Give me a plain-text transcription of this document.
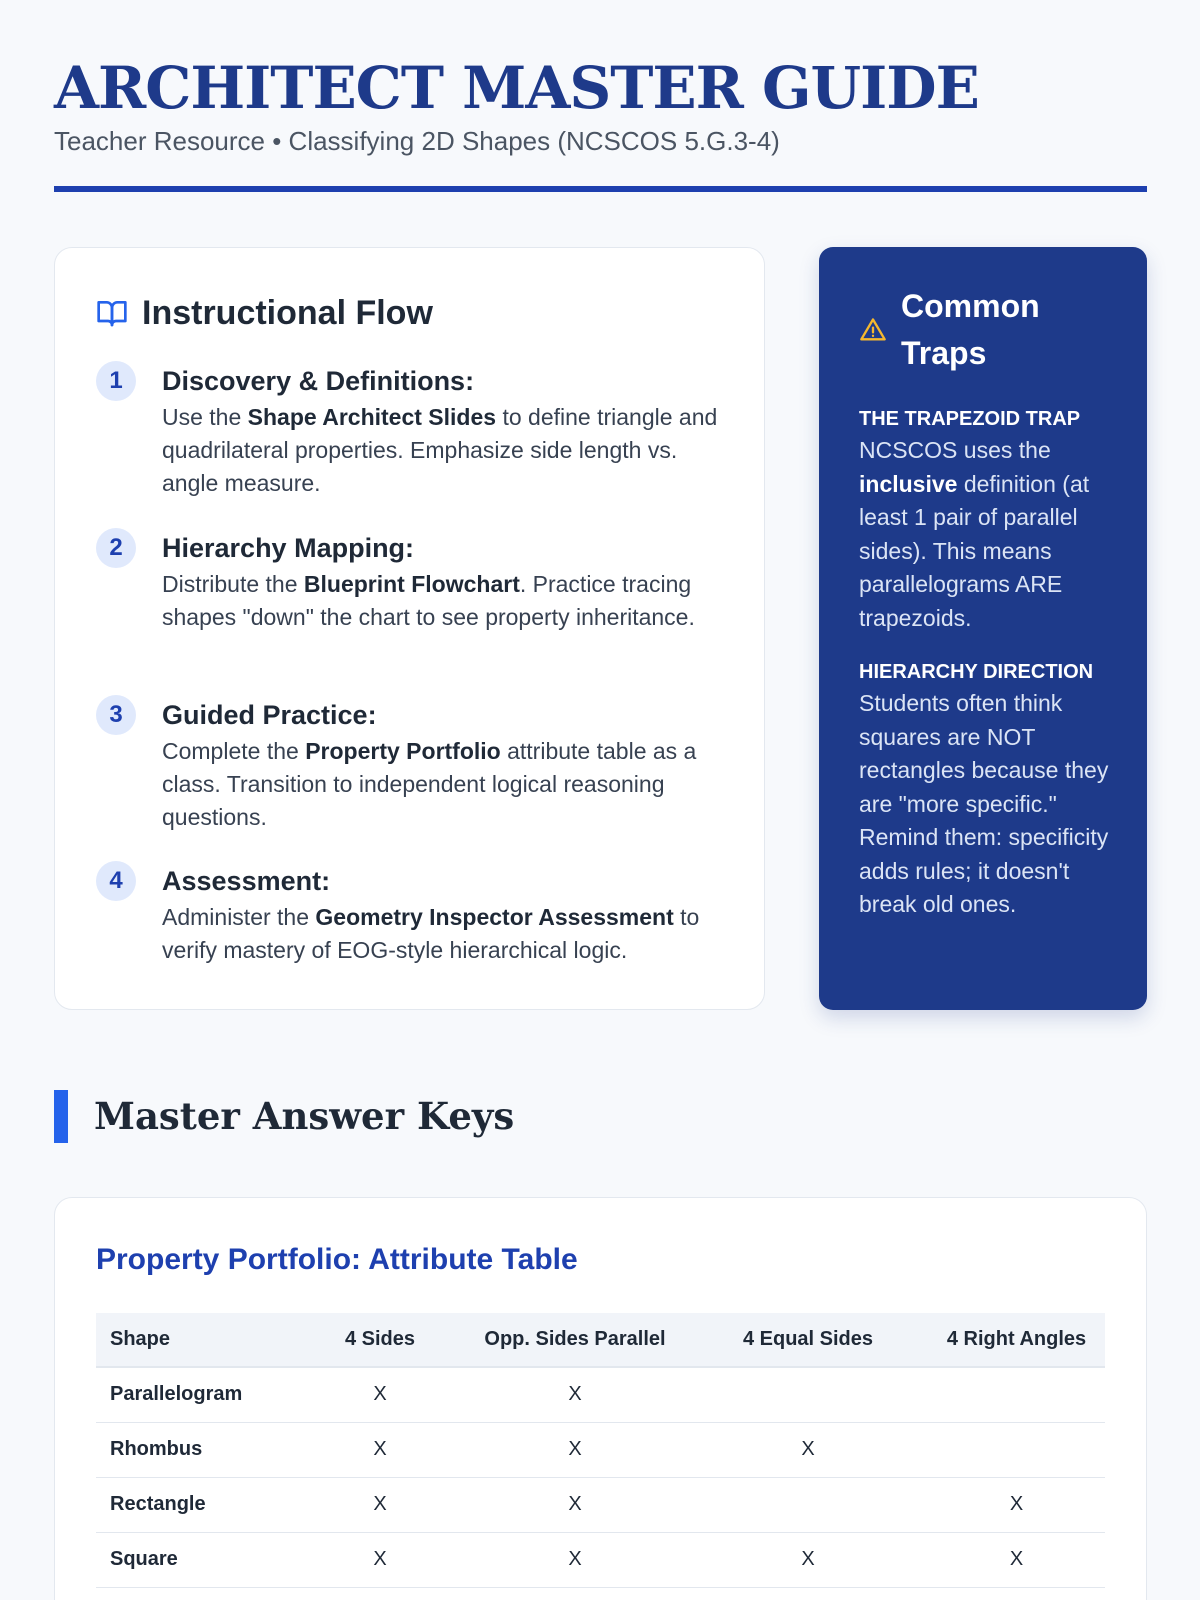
ARCHITECT MASTER GUIDE
Teacher Resource • Classifying 2D Shapes (NCSCOS 5.G.3-4)
Instructional Flow
1	Discovery & Definitions:
Use the Shape Architect Slides to define triangle and quadrilateral properties. Emphasize side length vs. angle measure.
2	Hierarchy Mapping:
Distribute the Blueprint Flowchart. Practice tracing shapes "down" the chart to see property inheritance.
3	Guided Practice:
Complete the Property Portfolio attribute table as a class. Transition to independent logical reasoning questions.
4	Assessment:
Administer the Geometry Inspector Assessment to verify mastery of EOG-style hierarchical logic.
Common Traps
THE TRAPEZOID TRAP
NCSCOS uses the inclusive definition (at least 1 pair of parallel sides). This means parallelograms ARE trapezoids.
HIERARCHY DIRECTION
Students often think squares are NOT rectangles because they are "more specific." Remind them: specificity adds rules; it doesn't break old ones.
Master Answer Keys
Property Portfolio: Attribute Table
Shape	4 Sides	Opp. Sides Parallel	4 Equal Sides	4 Right Angles
Parallelogram	X	X		
Rhombus	X	X	X	
Rectangle	X	X		X
Square	X	X	X	X
